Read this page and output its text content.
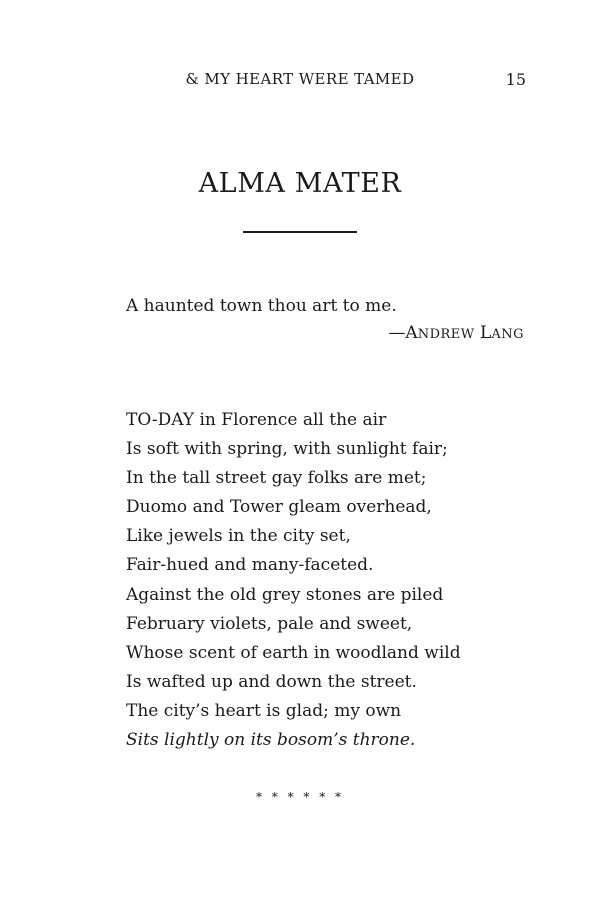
& MY HEART WERE TAMED	15
ALMA MATER
A haunted town thou art to me.
—ANDREW LANG
TO-DAY in Florence all the air
Is soft with spring, with sunlight fair;
In the tall street gay folks are met;
Duomo and Tower gleam overhead,
Like jewels in the city set,
Fair-hued and many-faceted.
Against the old grey stones are piled
February violets, pale and sweet,
Whose scent of earth in woodland wild
Is wafted up and down the street.
The city’s heart is glad; my own
Sits lightly on its bosom’s throne.
* * * * * *
